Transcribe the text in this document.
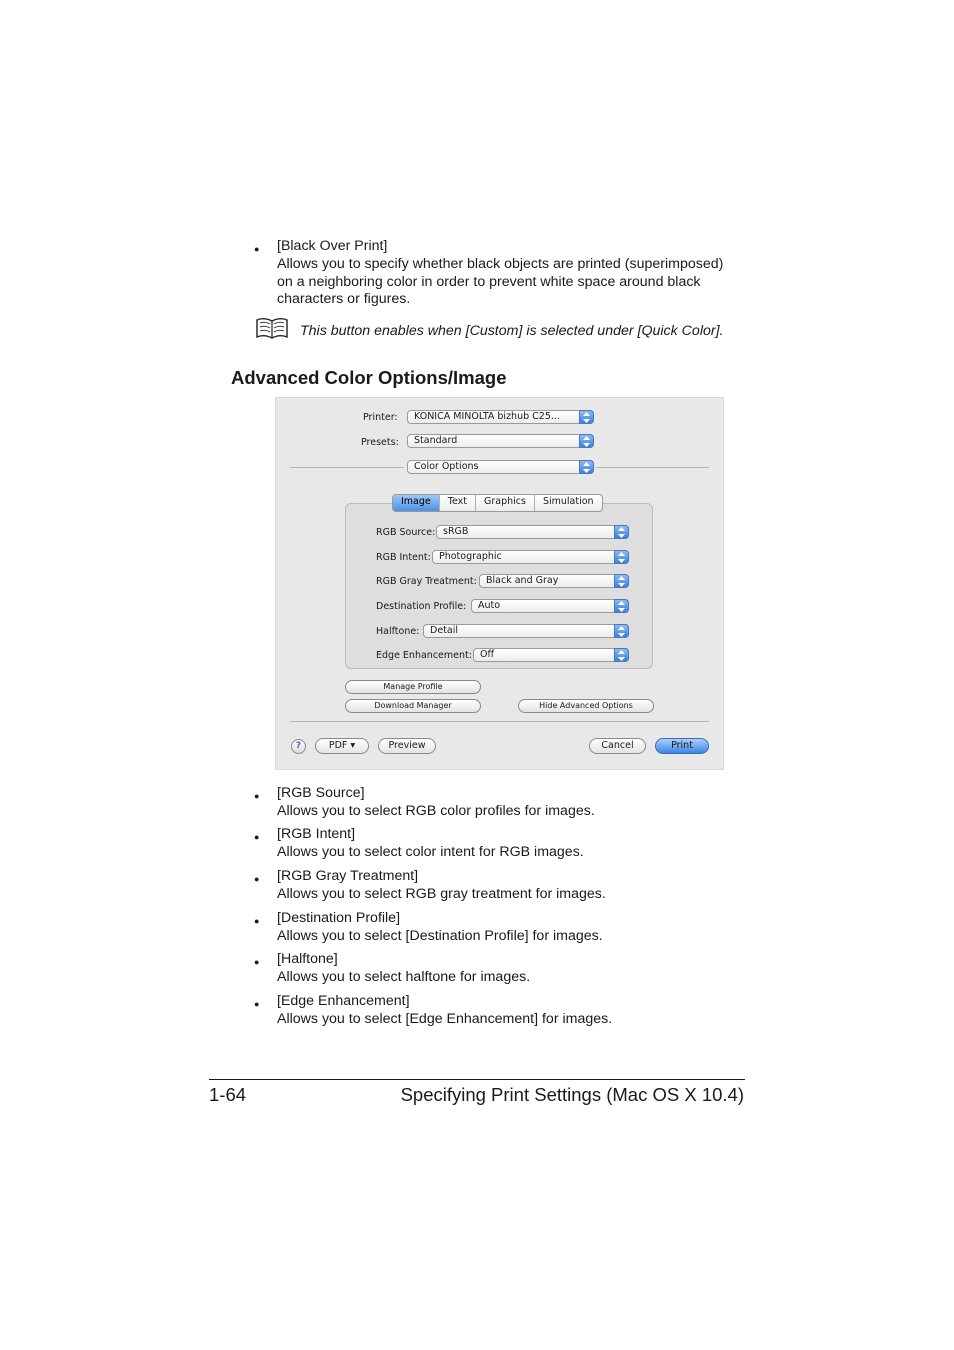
● [Black Over Print]
Allows you to specify whether black objects are printed (superimposed)
on a neighboring color in order to prevent white space around black
characters or figures.
This button enables when [Custom] is selected under [Quick Color].
Advanced Color Options/Image
Printer: KONICA MINOLTA bizhub C25...
Presets: Standard
Color Options
Image	Text	Graphics	Simulation
RGB Source: sRGB
RGB Intent: Photographic
RGB Gray Treatment: Black and Gray
Destination Profile: Auto
Halftone: Detail
Edge Enhancement: Off
Manage Profile
Download Manager	Hide Advanced Options
?	PDF ▾	Preview	Cancel	Print
● [RGB Source]
Allows you to select RGB color profiles for images.
● [RGB Intent]
Allows you to select color intent for RGB images.
● [RGB Gray Treatment]
Allows you to select RGB gray treatment for images.
● [Destination Profile]
Allows you to select [Destination Profile] for images.
● [Halftone]
Allows you to select halftone for images.
● [Edge Enhancement]
Allows you to select [Edge Enhancement] for images.
1-64	Specifying Print Settings (Mac OS X 10.4)
